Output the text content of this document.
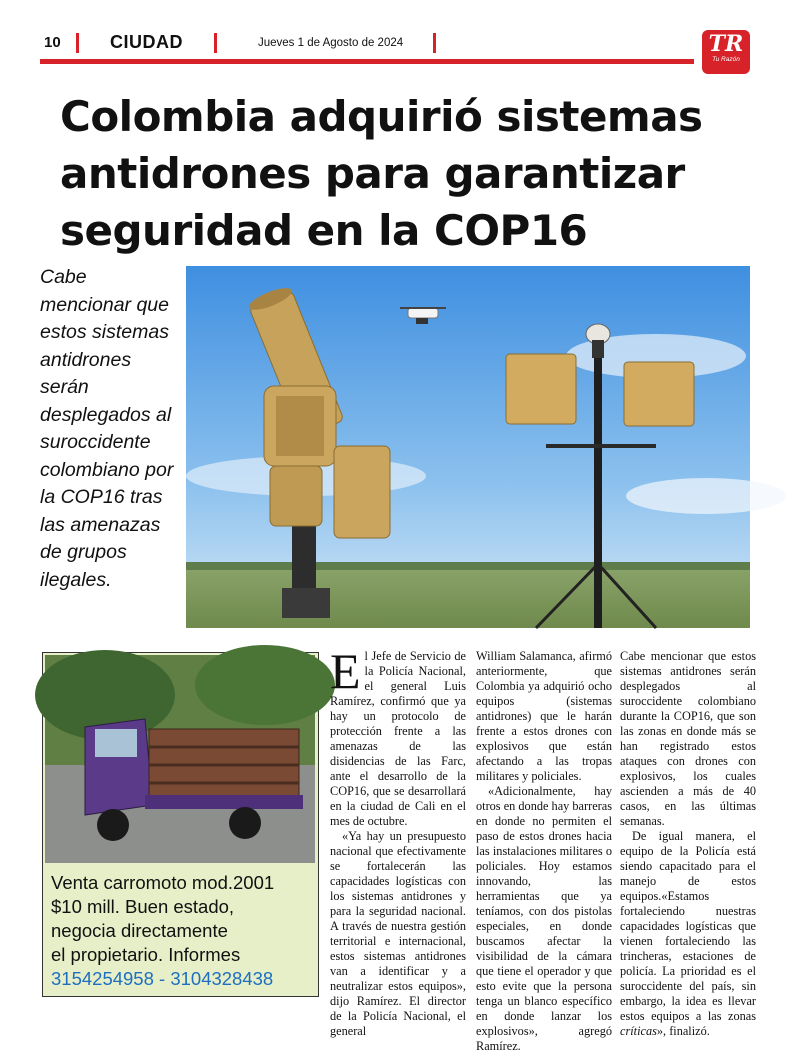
10	CIUDAD	Jueves 1 de Agosto de 2024	TR
Tu Razón
Colombia adquirió sistemas antidrones para garantizar seguridad en la COP16
Cabe mencionar que estos sistemas antidrones serán desplegados al suroccidente colombiano por la COP16 tras las amenazas de grupos ilegales.
Venta carromoto mod.2001
$10 mill. Buen estado,
negocia directamente
el propietario. Informes
3154254958 - 3104328438

El Jefe de Servicio de la Policía Nacional, el general Luis Ramírez, confirmó que ya hay un protocolo de protección frente a las amenazas de las disidencias de las Farc, ante el desarrollo de la COP16, que se desarrollará en la ciudad de Cali en el mes de octubre.

«Ya hay un presupuesto nacional que efectivamente se fortalecerán las capacidades logísticas con los sistemas antidrones y para la seguridad nacional. A través de nuestra gestión territorial e internacional, estos sistemas antidrones van a identificar y a neutralizar estos equipos», dijo Ramírez. El director de la Policía Nacional, el general

William Salamanca, afirmó anteriormente, que Colombia ya adquirió ocho equipos (sistemas antidrones) que le harán frente a estos drones con explosivos que están afectando a las tropas militares y policiales.

«Adicionalmente, hay otros en donde hay barreras en donde no permiten el paso de estos drones hacia las instalaciones militares o policiales. Hoy estamos innovando, las herramientas que ya teníamos, con dos pistolas especiales, en donde buscamos afectar la visibilidad de la cámara que tiene el operador y que esto evite que la persona tenga un blanco específico en donde lanzar los explosivos», agregó Ramírez.

Cabe mencionar que estos sistemas antidrones serán desplegados al suroccidente colombiano durante la COP16, que son las zonas en donde más se han registrado estos ataques con drones con explosivos, los cuales ascienden a más de 40 casos, en las últimas semanas.

De igual manera, el equipo de la Policía está siendo capacitado para el manejo de estos equipos.«Estamos fortaleciendo nuestras capacidades logísticas que vienen fortaleciendo las trincheras, estaciones de policía. La prioridad es el suroccidente del país, sin embargo, la idea es llevar estos equipos a las zonas críticas», finalizó.
